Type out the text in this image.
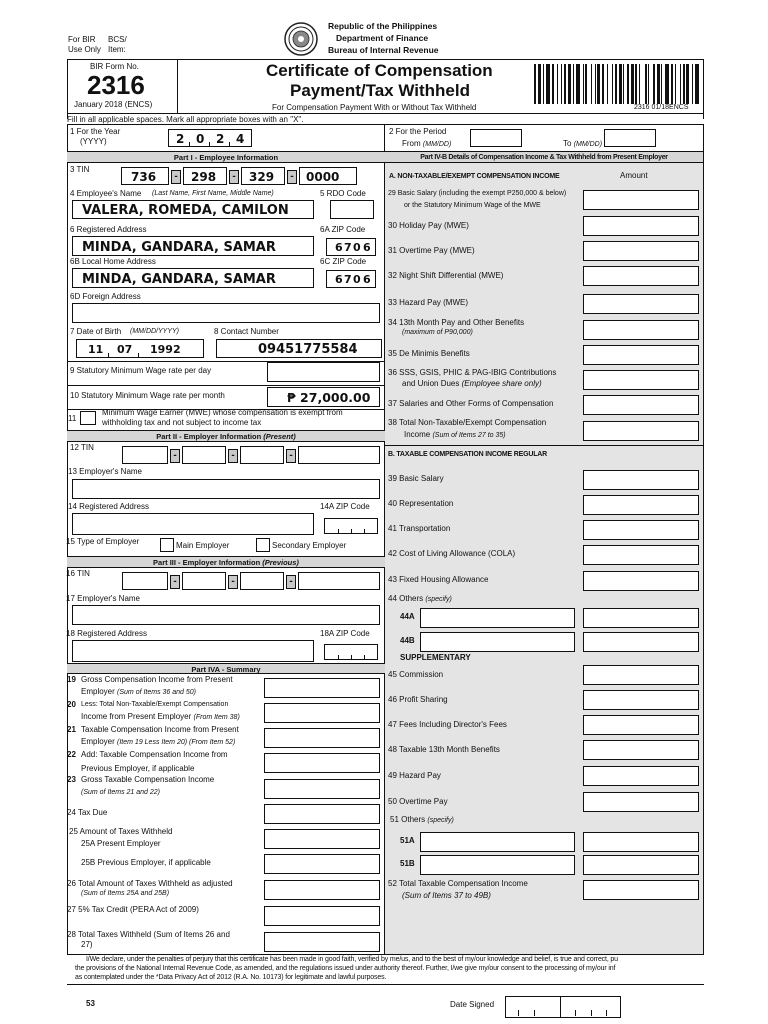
For BIR
Use Only
BCS/
Item:
Republic of the Philippines
Department of Finance
Bureau of Internal Revenue
BIR Form No.
2316
January 2018 (ENCS)
Certificate of Compensation
Payment/Tax Withheld
For Compensation Payment With or Without Tax Withheld	2316 01/18ENCS
Fill in all applicable spaces. Mark all appropriate boxes with an "X".
1 For the Year
(YYYY)	2 0 2 4
Part I - Employee Information
3 TIN
736	- 298	- 329	- 0000
4 Employee's Name (Last Name, First Name, Middle Name)	5 RDO Code
VALERA, ROMEDA, CAMILON
6 Registered Address	6A ZIP Code
MINDA, GANDARA, SAMAR	6 7 0 6
6B Local Home Address	6C ZIP Code
MINDA, GANDARA, SAMAR	6 7 0 6
6D Foreign Address
7 Date of Birth (MM/DD/YYYY)	8 Contact Number
11 07 1992	09451775584
9 Statutory Minimum Wage rate per day
10 Statutory Minimum Wage rate per month	₱ 27,000.00
11
Minimum Wage Earner (MWE) whose compensation is exempt from
withholding tax and not subject to income tax
Part II - Employer Information (Present)
12 TIN
-	-	-
13 Employer's Name
14 Registered Address	14A ZIP Code
15 Type of Employer	Main Employer	Secondary Employer
Part III - Employer Information (Previous)
16 TIN
-	-	-
17 Employer's Name
18 Registered Address	18A ZIP Code
Part IVA - Summary
19 Gross Compensation Income from Present
Employer (Sum of Items 36 and 50)
20 Less: Total Non-Taxable/Exempt Compensation
Income from Present Employer (From Item 38)
21 Taxable Compensation Income from Present
Employer (Item 19 Less Item 20) (From Item 52)
22 Add: Taxable Compensation Income from
Previous Employer, if applicable
23 Gross Taxable Compensation Income
(Sum of Items 21 and 22)
24 Tax Due
25 Amount of Taxes Withheld
25A Present Employer
25B Previous Employer, if applicable
26 Total Amount of Taxes Withheld as adjusted
(Sum of Items 25A and 25B)
27 5% Tax Credit (PERA Act of 2009)
28 Total Taxes Withheld (Sum of Items 26 and
27)
2 For the Period
From (MM/DD)	To (MM/DD)
Part IV-B Details of Compensation Income & Tax Withheld from Present Employer
A. NON-TAXABLE/EXEMPT COMPENSATION INCOME	Amount
29 Basic Salary (including the exempt P250,000 & below)
or the Statutory Minimum Wage of the MWE
30 Holiday Pay (MWE)
31 Overtime Pay (MWE)
32 Night Shift Differential (MWE)
33 Hazard Pay (MWE)
34 13th Month Pay and Other Benefits
(maximum of P90,000)
35 De Minimis Benefits
36 SSS, GSIS, PHIC & PAG-IBIG Contributions
and Union Dues (Employee share only)
37 Salaries and Other Forms of Compensation
38 Total Non-Taxable/Exempt Compensation
Income (Sum of Items 27 to 35)
B. TAXABLE COMPENSATION INCOME REGULAR
39 Basic Salary
40 Representation
41 Transportation
42 Cost of Living Allowance (COLA)
43 Fixed Housing Allowance
44 Others (specify)
44A
44B
SUPPLEMENTARY
45 Commission
46 Profit Sharing
47 Fees Including Director's Fees
48 Taxable 13th Month Benefits
49 Hazard Pay
50 Overtime Pay
51 Others (specify)
51A
51B
52 Total Taxable Compensation Income
(Sum of Items 37 to 49B)
I/We declare, under the penalties of perjury that this certificate has been made in good faith, verified by me/us, and to the best of my/our knowledge and belief, is true and correct, pu
the provisions of the National Internal Revenue Code, as amended, and the regulations issued under authority thereof. Further, I/we give my/our consent to the processing of my/our inf
as contemplated under the *Data Privacy Act of 2012 (R.A. No. 10173) for legitimate and lawful purposes.
53	Date Signed
